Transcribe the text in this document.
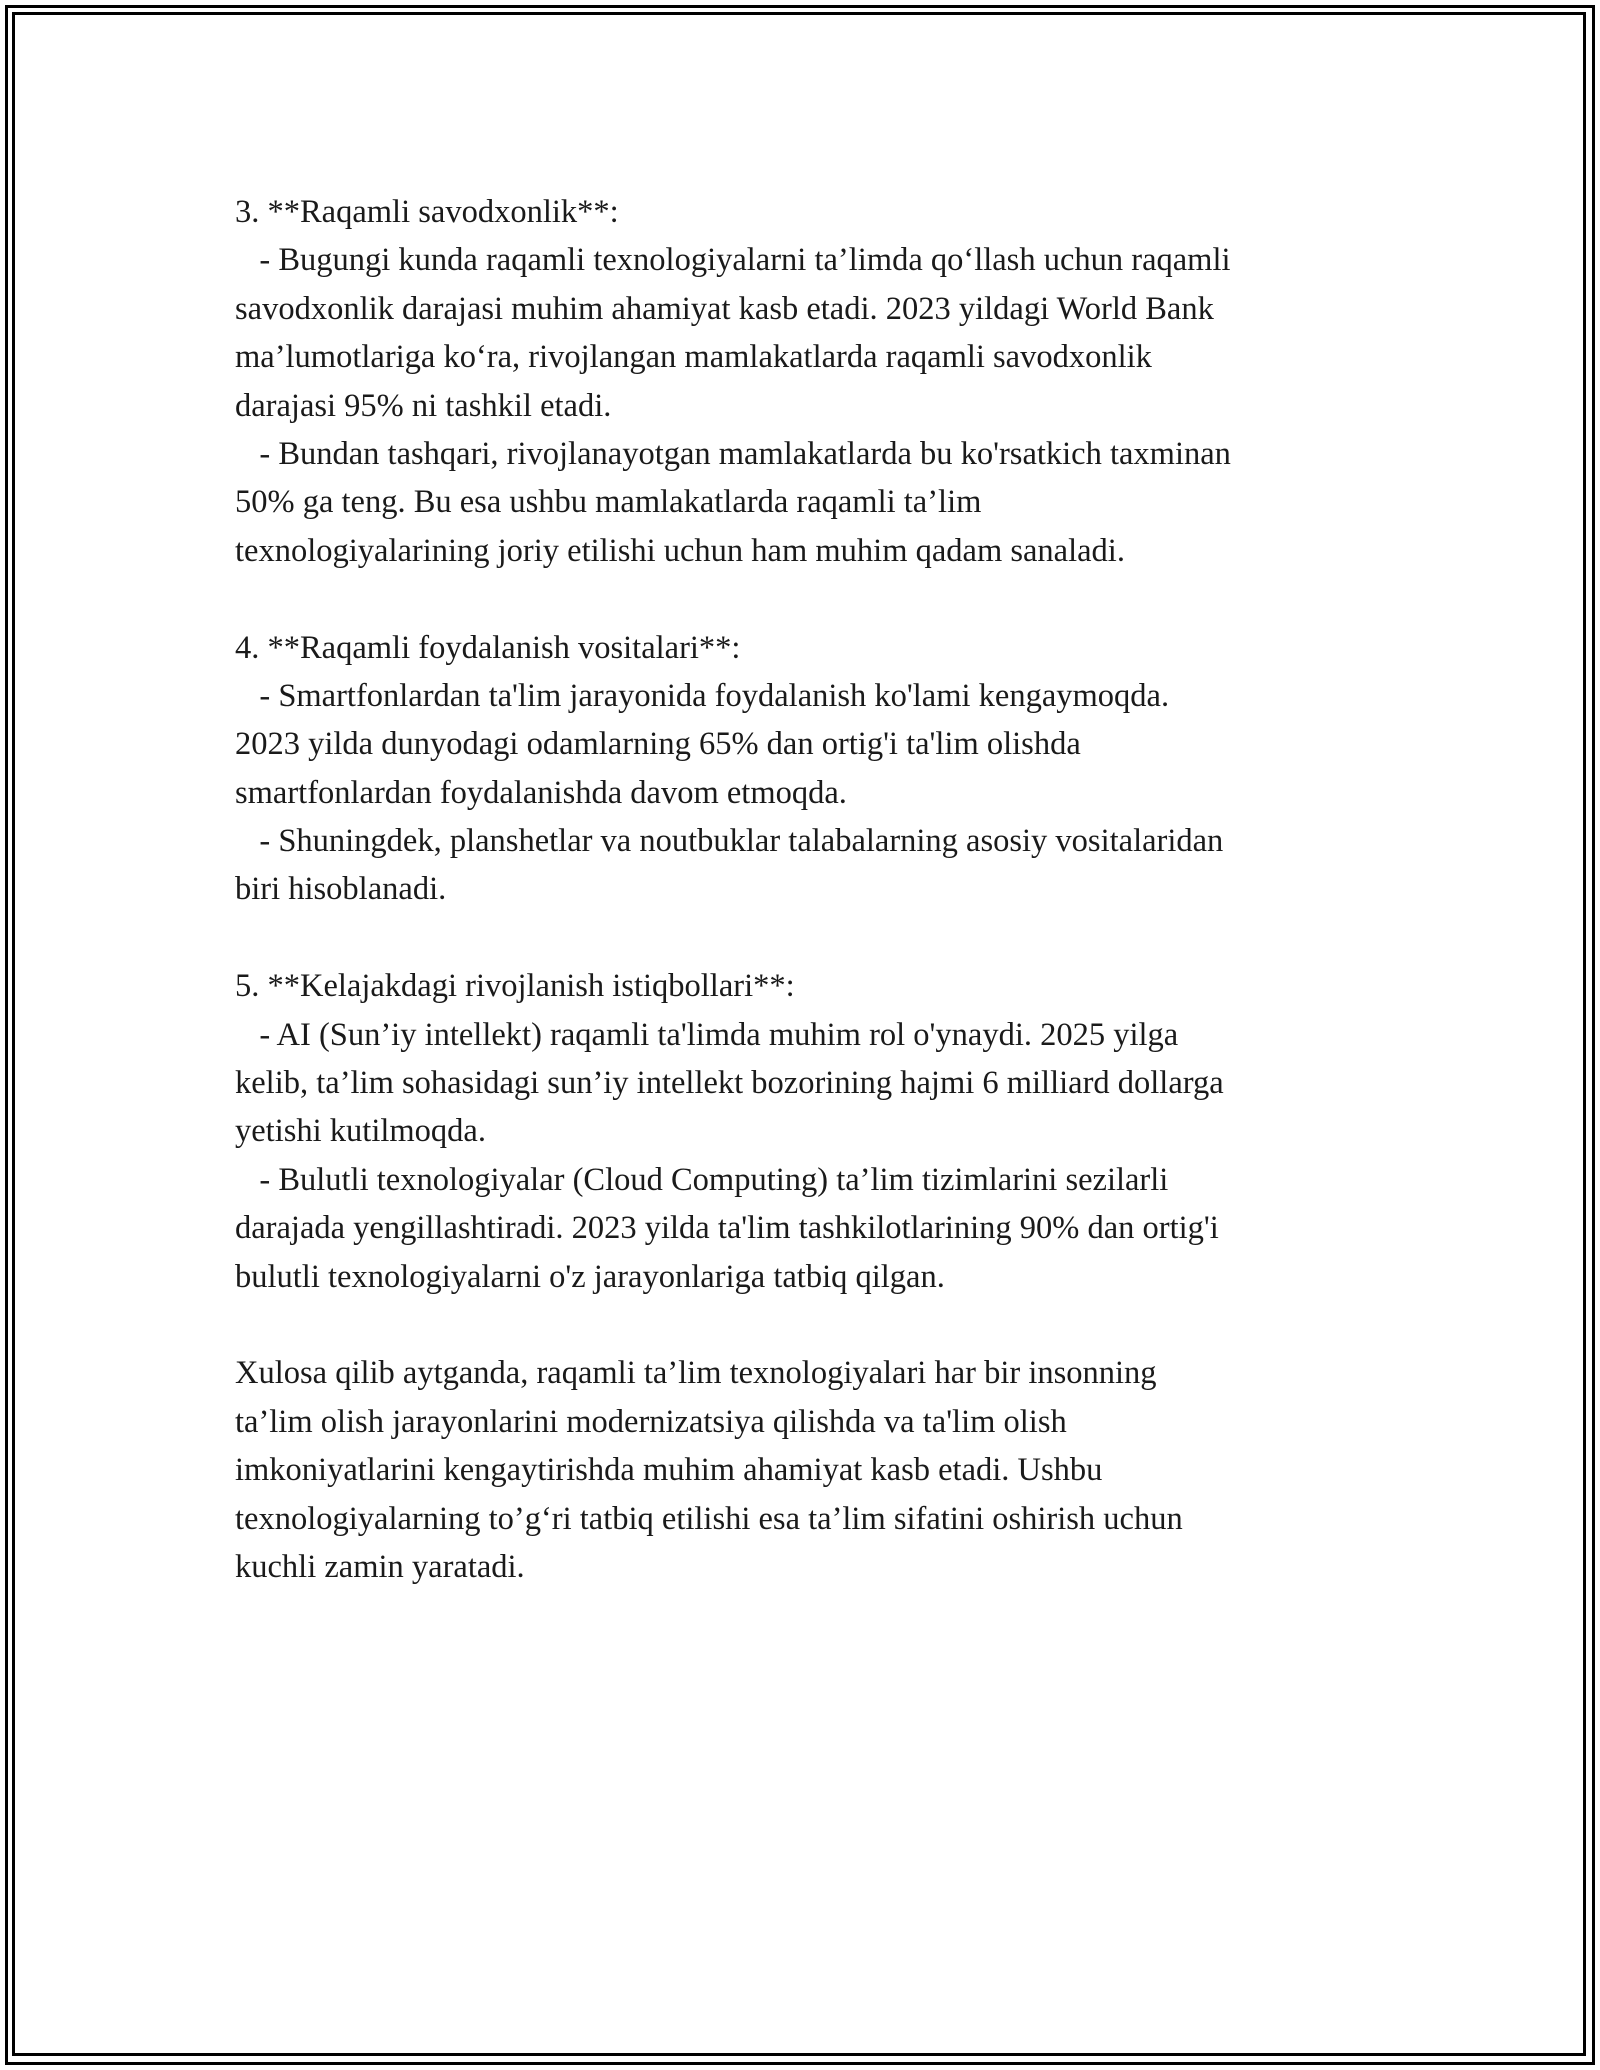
3. **Raqamli savodxonlik**:
- Bugungi kunda raqamli texnologiyalarni ta’limda qo‘llash uchun raqamli
savodxonlik darajasi muhim ahamiyat kasb etadi. 2023 yildagi World Bank
ma’lumotlariga ko‘ra, rivojlangan mamlakatlarda raqamli savodxonlik
darajasi 95% ni tashkil etadi.
- Bundan tashqari, rivojlanayotgan mamlakatlarda bu ko'rsatkich taxminan
50% ga teng. Bu esa ushbu mamlakatlarda raqamli ta’lim
texnologiyalarining joriy etilishi uchun ham muhim qadam sanaladi.
4. **Raqamli foydalanish vositalari**:
- Smartfonlardan ta'lim jarayonida foydalanish ko'lami kengaymoqda.
2023 yilda dunyodagi odamlarning 65% dan ortig'i ta'lim olishda
smartfonlardan foydalanishda davom etmoqda.
- Shuningdek, planshetlar va noutbuklar talabalarning asosiy vositalaridan
biri hisoblanadi.
5. **Kelajakdagi rivojlanish istiqbollari**:
- AI (Sun’iy intellekt) raqamli ta'limda muhim rol o'ynaydi. 2025 yilga
kelib, ta’lim sohasidagi sun’iy intellekt bozorining hajmi 6 milliard dollarga
yetishi kutilmoqda.
- Bulutli texnologiyalar (Cloud Computing) ta’lim tizimlarini sezilarli
darajada yengillashtiradi. 2023 yilda ta'lim tashkilotlarining 90% dan ortig'i
bulutli texnologiyalarni o'z jarayonlariga tatbiq qilgan.
Xulosa qilib aytganda, raqamli ta’lim texnologiyalari har bir insonning
ta’lim olish jarayonlarini modernizatsiya qilishda va ta'lim olish
imkoniyatlarini kengaytirishda muhim ahamiyat kasb etadi. Ushbu
texnologiyalarning to’g‘ri tatbiq etilishi esa ta’lim sifatini oshirish uchun
kuchli zamin yaratadi.
